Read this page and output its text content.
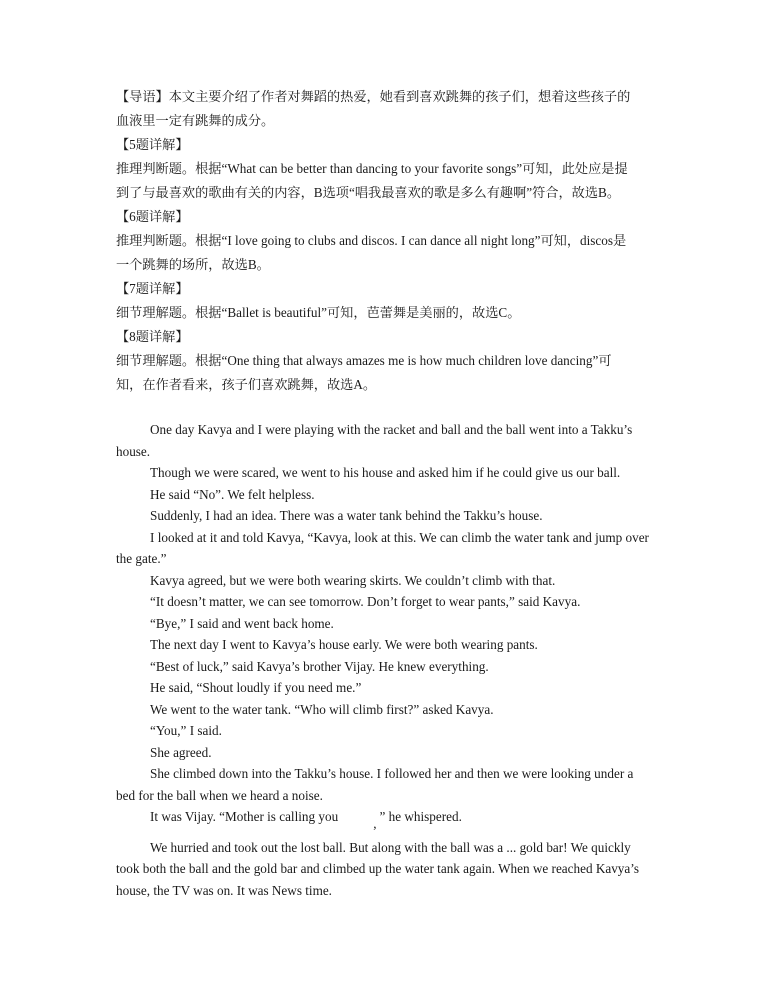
【导语】本文主要介绍了作者对舞蹈的热爱，她看到喜欢跳舞的孩子们，想着这些孩子的
血液里一定有跳舞的成分。
【5题详解】
推理判断题。根据“What can be better than dancing to your favorite songs”可知，此处应是提
到了与最喜欢的歌曲有关的内容，B选项“唱我最喜欢的歌是多么有趣啊”符合，故选B。
【6题详解】
推理判断题。根据“I love going to clubs and discos. I can dance all night long”可知，discos是
一个跳舞的场所，故选B。
【7题详解】
细节理解题。根据“Ballet is beautiful”可知，芭蕾舞是美丽的，故选C。
【8题详解】
细节理解题。根据“One thing that always amazes me is how much children love dancing”可
知，在作者看来，孩子们喜欢跳舞，故选A。

One day Kavya and I were playing with the racket and ball and the ball went into a Takku’s house.

Though we were scared, we went to his house and asked him if he could give us our ball.

He said “No”. We felt helpless.

Suddenly, I had an idea. There was a water tank behind the Takku’s house.

I looked at it and told Kavya, “Kavya, look at this. We can climb the water tank and jump over the gate.”

Kavya agreed, but we were both wearing skirts. We couldn’t climb with that.

“It doesn’t matter, we can see tomorrow. Don’t forget to wear pants,” said Kavya.

“Bye,” I said and went back home.

The next day I went to Kavya’s house early. We were both wearing pants.

“Best of luck,” said Kavya’s brother Vijay. He knew everything.

He said, “Shout loudly if you need me.”

We went to the water tank. “Who will climb first?” asked Kavya.

“You,” I said.

She agreed.

She climbed down into the Takku’s house. I followed her and then we were looking under a bed for the ball when we heard a noise.

It was Vijay. “Mother is calling you	, ” he whispered.

We hurried and took out the lost ball. But along with the ball was a ... gold bar! We quickly took both the ball and the gold bar and climbed up the water tank again. When we reached Kavya’s house, the TV was on. It was News time.
